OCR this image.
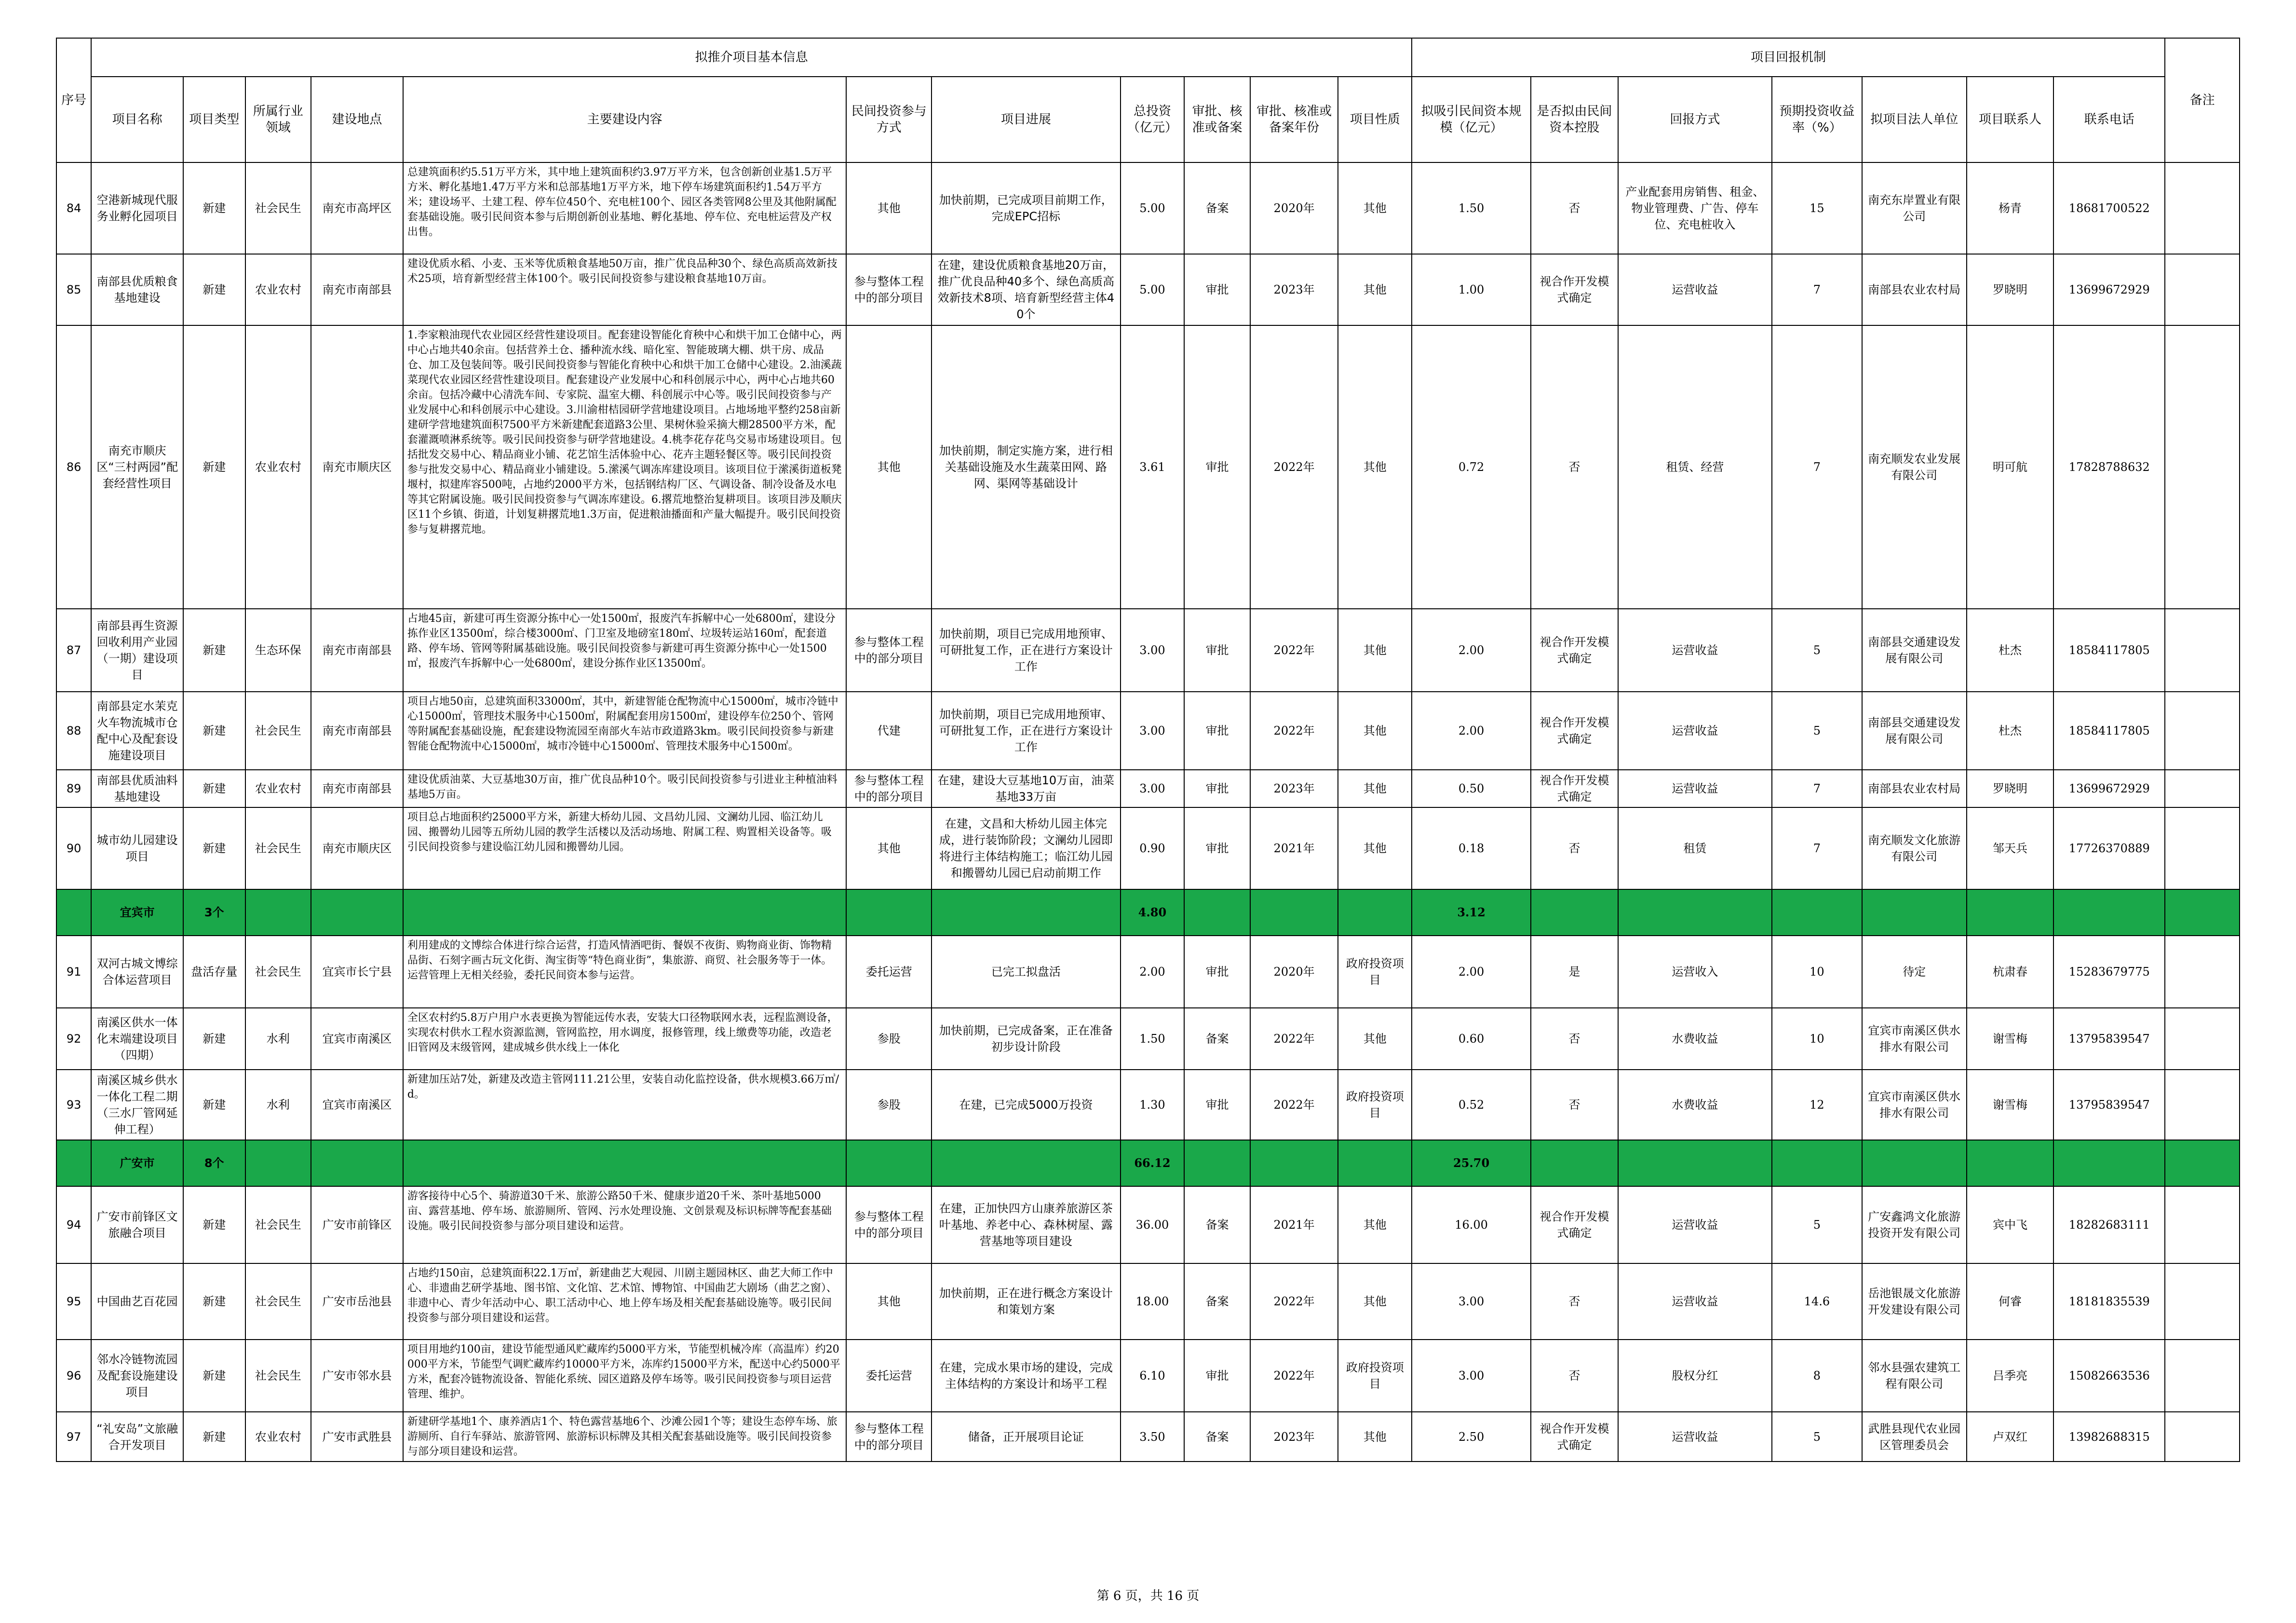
序号	拟推介项目基本信息											项目回报机制							备注
	项目名称	项目类型	所属行业领域	建设地点	主要建设内容	民间投资参与方式	项目进展	总投资（亿元）	审批、核准或备案	审批、核准或备案年份	项目性质	拟吸引民间资本规模（亿元）	是否拟由民间资本控股	回报方式	预期投资收益率（%）	拟项目法人单位	项目联系人	联系电话	
84	空港新城现代服务业孵化园项目	新建	社会民生	南充市高坪区	总建筑面积约5.51万平方米，其中地上建筑面积约3.97万平方米，包含创新创业基1.5万平方米、孵化基地1.47万平方米和总部基地1万平方米，地下停车场建筑面积约1.54万平方米；建设场平、土建工程、停车位450个、充电桩100个、园区各类管网8公里及其他附属配套基础设施。吸引民间资本参与后期创新创业基地、孵化基地、停车位、充电桩运营及产权出售。	其他	加快前期，已完成项目前期工作，完成EPC招标	5.00	备案	2020年	其他	1.50	否	产业配套用房销售、租金、物业管理费、广告、停车位、充电桩收入	15	南充东岸置业有限公司	杨青	18681700522	
85	南部县优质粮食基地建设	新建	农业农村	南充市南部县	建设优质水稻、小麦、玉米等优质粮食基地50万亩，推广优良品种30个、绿色高质高效新技术25项，培育新型经营主体100个。吸引民间投资参与建设粮食基地10万亩。	参与整体工程中的部分项目	在建，建设优质粮食基地20万亩，推广优良品种40多个、绿色高质高效新技术8项、培育新型经营主体40个	5.00	审批	2023年	其他	1.00	视合作开发模式确定	运营收益	7	南部县农业农村局	罗晓明	13699672929	
86	南充市顺庆区“三村两园”配套经营性项目	新建	农业农村	南充市顺庆区	1.李家粮油现代农业园区经营性建设项目。配套建设智能化育秧中心和烘干加工仓储中心，两中心占地共40余亩。包括营养土仓、播种流水线、暗化室、智能玻璃大棚、烘干房、成品仓、加工及包装间等。吸引民间投资参与智能化育秧中心和烘干加工仓储中心建设。2.油溪蔬菜现代农业园区经营性建设项目。配套建设产业发展中心和科创展示中心，两中心占地共60余亩。包括冷藏中心清洗车间、专家院、温室大棚、科创展示中心等。吸引民间投资参与产业发展中心和科创展示中心建设。3.川渝柑桔园研学营地建设项目。占地场地平整约258亩新建研学营地建筑面积7500平方米新建配套道路3公里、果树休验采摘大棚28500平方米，配套灌溉喷淋系统等。吸引民间投资参与研学营地建设。4.桃李花存花鸟交易市场建设项目。包括批发交易中心、精品商业小铺、花艺馆生活体验中心、花卉主题轻餐区等。吸引民间投资参与批发交易中心、精品商业小铺建设。5.潆溪气调冻库建设项目。该项目位于潆溪街道板凳堰村，拟建库容500吨，占地约2000平方米，包括钢结构厂区、气调设备、制冷设备及水电等其它附属设施。吸引民间投资参与气调冻库建设。6.撂荒地整治复耕项目。该项目涉及顺庆区11个乡镇、街道，计划复耕撂荒地1.3万亩，促进粮油播面和产量大幅提升。吸引民间投资参与复耕撂荒地。	其他	加快前期，制定实施方案，进行相关基础设施及水生蔬菜田网、路网、渠网等基础设计	3.61	审批	2022年	其他	0.72	否	租赁、经营	7	南充顺发农业发展有限公司	明可航	17828788632	
87	南部县再生资源回收利用产业园（一期）建设项目	新建	生态环保	南充市南部县	占地45亩，新建可再生资源分拣中心一处1500㎡，报废汽车拆解中心一处6800㎡，建设分拣作业区13500㎡，综合楼3000㎡、门卫室及地磅室180㎡、垃圾转运站160㎡，配套道路、停车场、管网等附属基础设施。吸引民间投资参与新建可再生资源分拣中心一处1500㎡，报废汽车拆解中心一处6800㎡，建设分拣作业区13500㎡。	参与整体工程中的部分项目	加快前期，项目已完成用地预审、可研批复工作，正在进行方案设计工作	3.00	审批	2022年	其他	2.00	视合作开发模式确定	运营收益	5	南部县交通建设发展有限公司	杜杰	18584117805	
88	南部县定水茉克火车物流城市仓配中心及配套设施建设项目	新建	社会民生	南充市南部县	项目占地50亩，总建筑面积33000㎡，其中，新建智能仓配物流中心15000㎡，城市冷链中心15000㎡，管理技术服务中心1500㎡，附属配套用房1500㎡，建设停车位250个、管网等附属配套基础设施，配套建设物流园至南部火车站市政道路3km。吸引民间投资参与新建智能仓配物流中心15000㎡，城市冷链中心15000㎡、管理技术服务中心1500㎡。	代建	加快前期，项目已完成用地预审、可研批复工作，正在进行方案设计工作	3.00	审批	2022年	其他	2.00	视合作开发模式确定	运营收益	5	南部县交通建设发展有限公司	杜杰	18584117805	
89	南部县优质油料基地建设	新建	农业农村	南充市南部县	建设优质油菜、大豆基地30万亩，推广优良品种10个。吸引民间投资参与引进业主种植油料基地5万亩。	参与整体工程中的部分项目	在建，建设大豆基地10万亩，油菜基地33万亩	3.00	审批	2023年	其他	0.50	视合作开发模式确定	运营收益	7	南部县农业农村局	罗晓明	13699672929	
90	城市幼儿园建设项目	新建	社会民生	南充市顺庆区	项目总占地面积约25000平方米，新建大桥幼儿园、文昌幼儿园、文澜幼儿园、临江幼儿园、搬罾幼儿园等五所幼儿园的教学生活楼以及活动场地、附属工程、购置相关设备等。吸引民间投资参与建设临江幼儿园和搬罾幼儿园。	其他	在建，文昌和大桥幼儿园主体完成，进行装饰阶段；文澜幼儿园即将进行主体结构施工；临江幼儿园和搬罾幼儿园已启动前期工作	0.90	审批	2021年	其他	0.18	否	租赁	7	南充顺发文化旅游有限公司	邹天兵	17726370889	
	宜宾市	3个						4.80				3.12							
91	双河古城文博综合体运营项目	盘活存量	社会民生	宜宾市长宁县	利用建成的文博综合体进行综合运营，打造风情酒吧街、餐娱不夜街、购物商业街、饰物精品街、石刻字画古玩文化街、淘宝街等“特色商业街”，集旅游、商贸、社会服务等于一体。运营管理上无相关经验，委托民间资本参与运营。	委托运营	已完工拟盘活	2.00	审批	2020年	政府投资项目	2.00	是	运营收入	10	待定	杭肃春	15283679775	
92	南溪区供水一体化末端建设项目（四期）	新建	水利	宜宾市南溪区	全区农村约5.8万户用户水表更换为智能远传水表，安装大口径物联网水表，远程监测设备，实现农村供水工程水资源监测，管网监控，用水调度，报修管理，线上缴费等功能，改造老旧管网及末级管网，建成城乡供水线上一体化	参股	加快前期，已完成备案，正在准备初步设计阶段	1.50	备案	2022年	其他	0.60	否	水费收益	10	宜宾市南溪区供水排水有限公司	谢雪梅	13795839547	
93	南溪区城乡供水一体化工程二期（三水厂管网延伸工程）	新建	水利	宜宾市南溪区	新建加压站7处，新建及改造主管网111.21公里，安装自动化监控设备，供水规模3.66万㎥/d。	参股	在建，已完成5000万投资	1.30	审批	2022年	政府投资项目	0.52	否	水费收益	12	宜宾市南溪区供水排水有限公司	谢雪梅	13795839547	
	广安市	8个						66.12				25.70							
94	广安市前锋区文旅融合项目	新建	社会民生	广安市前锋区	游客接待中心5个、骑游道30千米、旅游公路50千米、健康步道20千米、茶叶基地5000亩、露营基地、停车场、旅游厕所、管网、污水处理设施、文创景观及标识标牌等配套基础设施。吸引民间投资参与部分项目建设和运营。	参与整体工程中的部分项目	在建，正加快四方山康养旅游区茶叶基地、养老中心、森林树屋、露营基地等项目建设	36.00	备案	2021年	其他	16.00	视合作开发模式确定	运营收益	5	广安鑫鸿文化旅游投资开发有限公司	宾中飞	18282683111	
95	中国曲艺百花园	新建	社会民生	广安市岳池县	占地约150亩，总建筑面积22.1万㎡，新建曲艺大观园、川剧主题园林区、曲艺大师工作中心、非遗曲艺研学基地、图书馆、文化馆、艺术馆、博物馆、中国曲艺大剧场（曲艺之窗）、非遗中心、青少年活动中心、职工活动中心、地上停车场及相关配套基础设施等。吸引民间投资参与部分项目建设和运营。	其他	加快前期，正在进行概念方案设计和策划方案	18.00	备案	2022年	其他	3.00	否	运营收益	14.6	岳池银晟文化旅游开发建设有限公司	何睿	18181835539	
96	邻水冷链物流园及配套设施建设项目	新建	社会民生	广安市邻水县	项目用地约100亩，建设节能型通风贮藏库约5000平方米，节能型机械冷库（高温库）约20000平方米，节能型气调贮藏库约10000平方米，冻库约15000平方米，配送中心约5000平方米，配套冷链物流设备、智能化系统、园区道路及停车场等。吸引民间投资参与项目运营管理、维护。	委托运营	在建，完成水果市场的建设，完成主体结构的方案设计和场平工程	6.10	审批	2022年	政府投资项目	3.00	否	股权分红	8	邻水县强农建筑工程有限公司	吕季亮	15082663536	
97	“礼安岛”文旅融合开发项目	新建	农业农村	广安市武胜县	新建研学基地1个、康养酒店1个、特色露营基地6个、沙滩公园1个等；建设生态停车场、旅游厕所、自行车驿站、旅游管网、旅游标识标牌及其相关配套基础设施等。吸引民间投资参与部分项目建设和运营。	参与整体工程中的部分项目	储备，正开展项目论证	3.50	备案	2023年	其他	2.50	视合作开发模式确定	运营收益	5	武胜县现代农业园区管理委员会	卢双红	13982688315	
第 6 页，共 16 页
